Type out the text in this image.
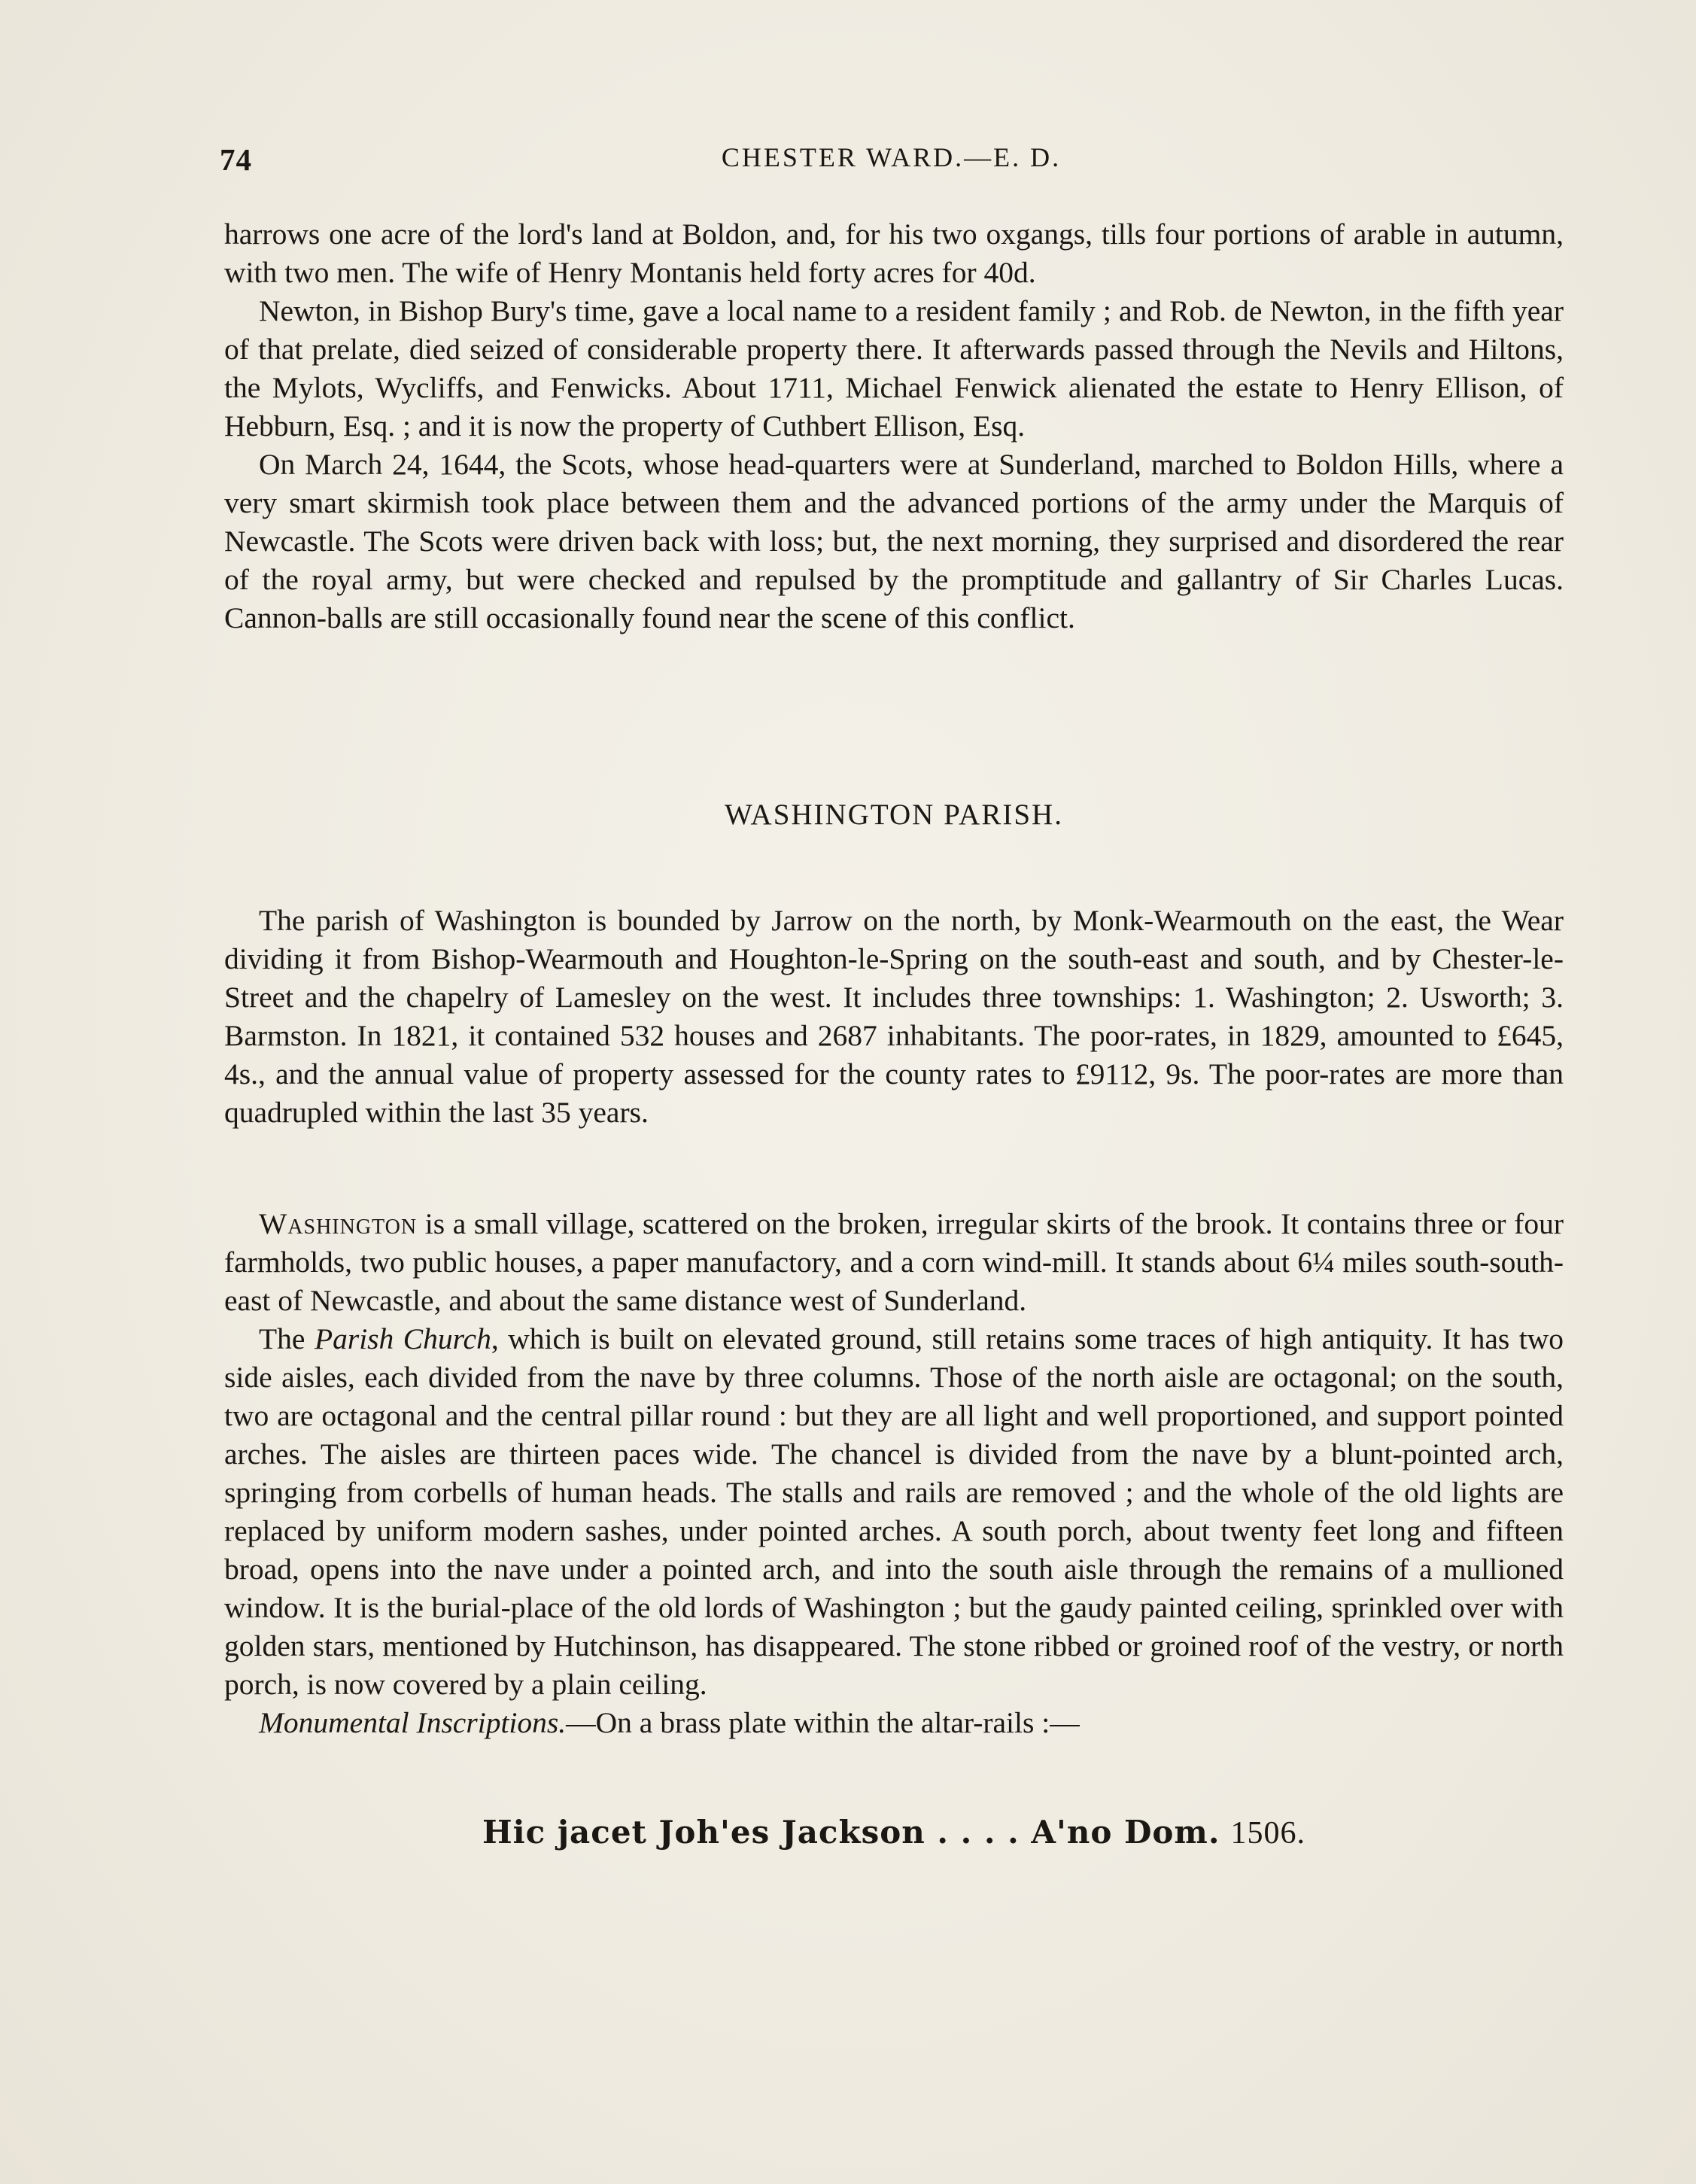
74	CHESTER WARD.—E. D.

harrows one acre of the lord's land at Boldon, and, for his two oxgangs, tills four portions of arable in autumn, with two men. The wife of Henry Montanis held forty acres for 40d.

Newton, in Bishop Bury's time, gave a local name to a resident family ; and Rob. de Newton, in the fifth year of that prelate, died seized of considerable property there. It afterwards passed through the Nevils and Hiltons, the Mylots, Wycliffs, and Fenwicks. About 1711, Michael Fenwick alienated the estate to Henry Ellison, of Hebburn, Esq. ; and it is now the property of Cuthbert Ellison, Esq.

On March 24, 1644, the Scots, whose head-quarters were at Sunderland, marched to Boldon Hills, where a very smart skirmish took place between them and the advanced portions of the army under the Marquis of Newcastle. The Scots were driven back with loss; but, the next morning, they surprised and disordered the rear of the royal army, but were checked and repulsed by the promptitude and gallantry of Sir Charles Lucas. Cannon-balls are still occasionally found near the scene of this conflict.

WASHINGTON PARISH.

The parish of Washington is bounded by Jarrow on the north, by Monk-Wearmouth on the east, the Wear dividing it from Bishop-Wearmouth and Houghton-le-Spring on the south-east and south, and by Chester-le-Street and the chapelry of Lamesley on the west. It includes three townships: 1. Washington; 2. Usworth; 3. Barmston. In 1821, it contained 532 houses and 2687 inhabitants. The poor-rates, in 1829, amounted to £645, 4s., and the annual value of property assessed for the county rates to £9112, 9s. The poor-rates are more than quadrupled within the last 35 years.

Washington is a small village, scattered on the broken, irregular skirts of the brook. It contains three or four farmholds, two public houses, a paper manufactory, and a corn wind-mill. It stands about 6¼ miles south-south-east of Newcastle, and about the same distance west of Sunderland.

The Parish Church, which is built on elevated ground, still retains some traces of high antiquity. It has two side aisles, each divided from the nave by three columns. Those of the north aisle are octagonal; on the south, two are octagonal and the central pillar round : but they are all light and well proportioned, and support pointed arches. The aisles are thirteen paces wide. The chancel is divided from the nave by a blunt-pointed arch, springing from corbells of human heads. The stalls and rails are removed ; and the whole of the old lights are replaced by uniform modern sashes, under pointed arches. A south porch, about twenty feet long and fifteen broad, opens into the nave under a pointed arch, and into the south aisle through the remains of a mullioned window. It is the burial-place of the old lords of Washington ; but the gaudy painted ceiling, sprinkled over with golden stars, mentioned by Hutchinson, has disappeared. The stone ribbed or groined roof of the vestry, or north porch, is now covered by a plain ceiling.

Monumental Inscriptions.—On a brass plate within the altar-rails :—

Hic jacet Joh'es Jackson . . . . A'no Dom. 1506.
